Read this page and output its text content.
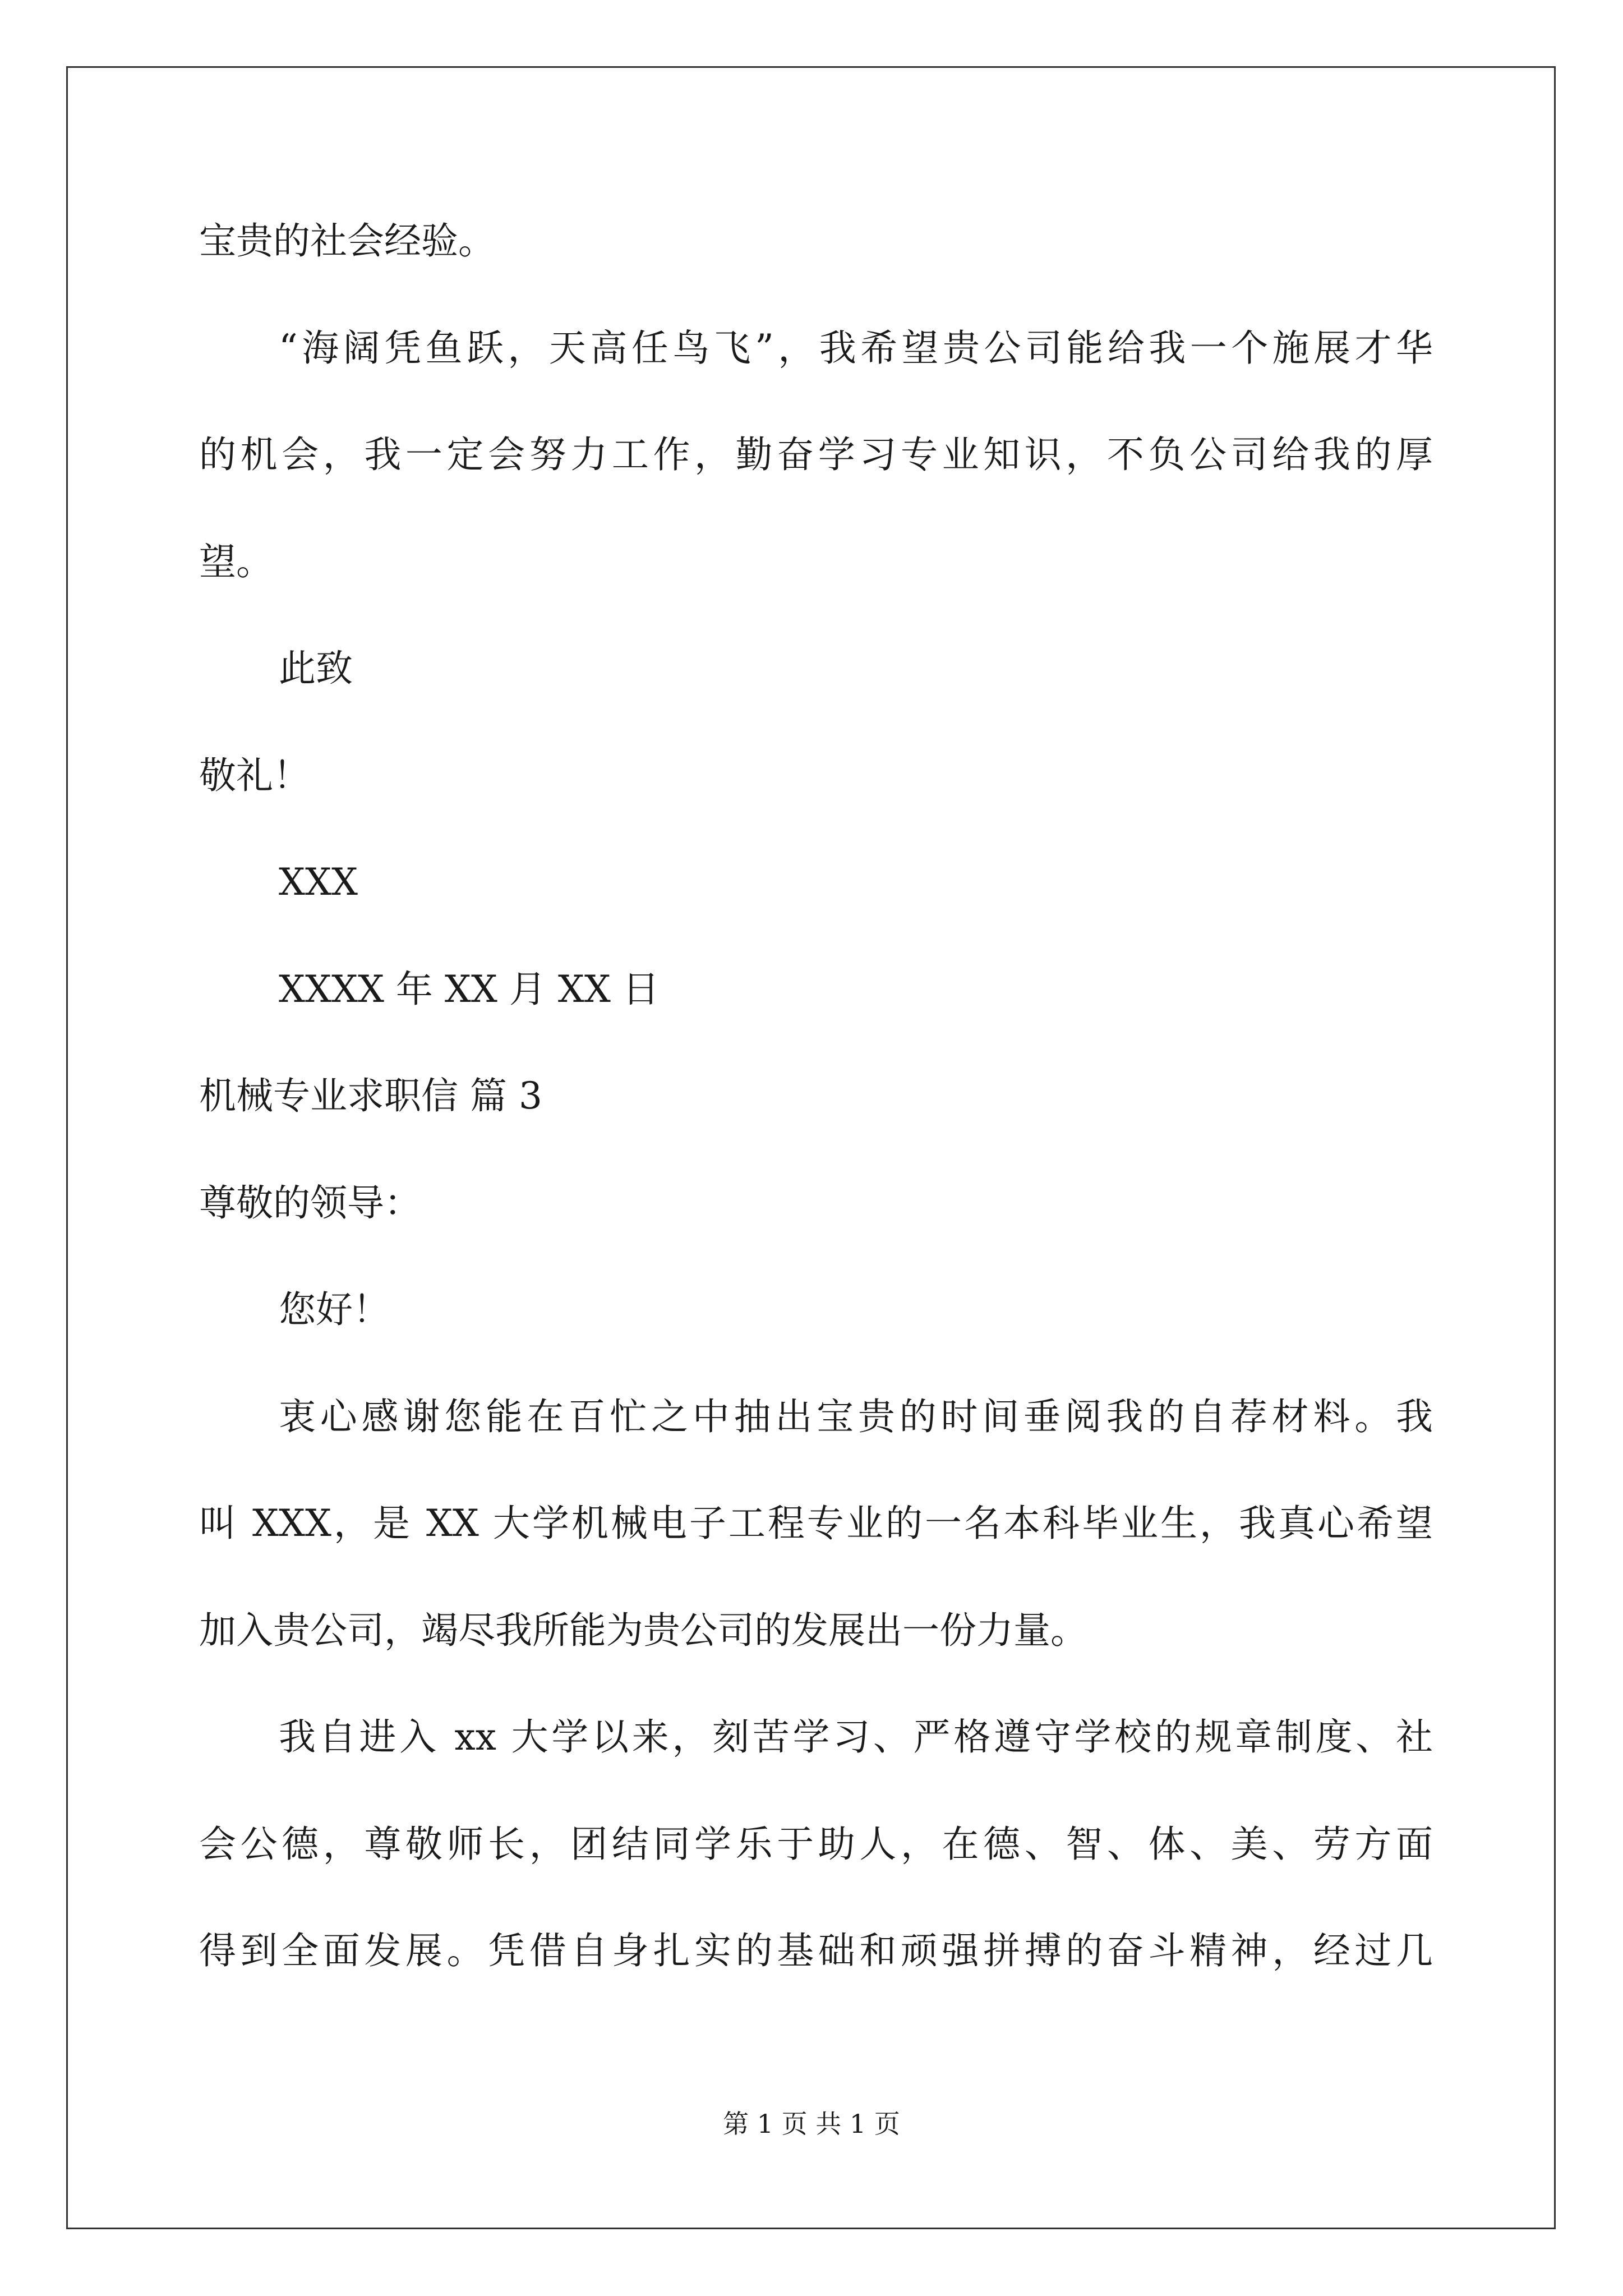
宝贵的社会经验。
“海阔凭鱼跃，天高任鸟飞”，我希望贵公司能给我一个施展才华
的机会，我一定会努力工作，勤奋学习专业知识，不负公司给我的厚
望。
此致
敬礼！
XXX
XXXX 年 XX 月 XX 日
机械专业求职信 篇 3
尊敬的领导：
您好！
衷心感谢您能在百忙之中抽出宝贵的时间垂阅我的自荐材料。我
叫 XXX，是 XX 大学机械电子工程专业的一名本科毕业生，我真心希望
加入贵公司，竭尽我所能为贵公司的发展出一份力量。
我自进入 xx 大学以来，刻苦学习、严格遵守学校的规章制度、社
会公德，尊敬师长，团结同学乐于助人，在德、智、体、美、劳方面
得到全面发展。凭借自身扎实的基础和顽强拼搏的奋斗精神，经过几
第 1 页 共 1 页
